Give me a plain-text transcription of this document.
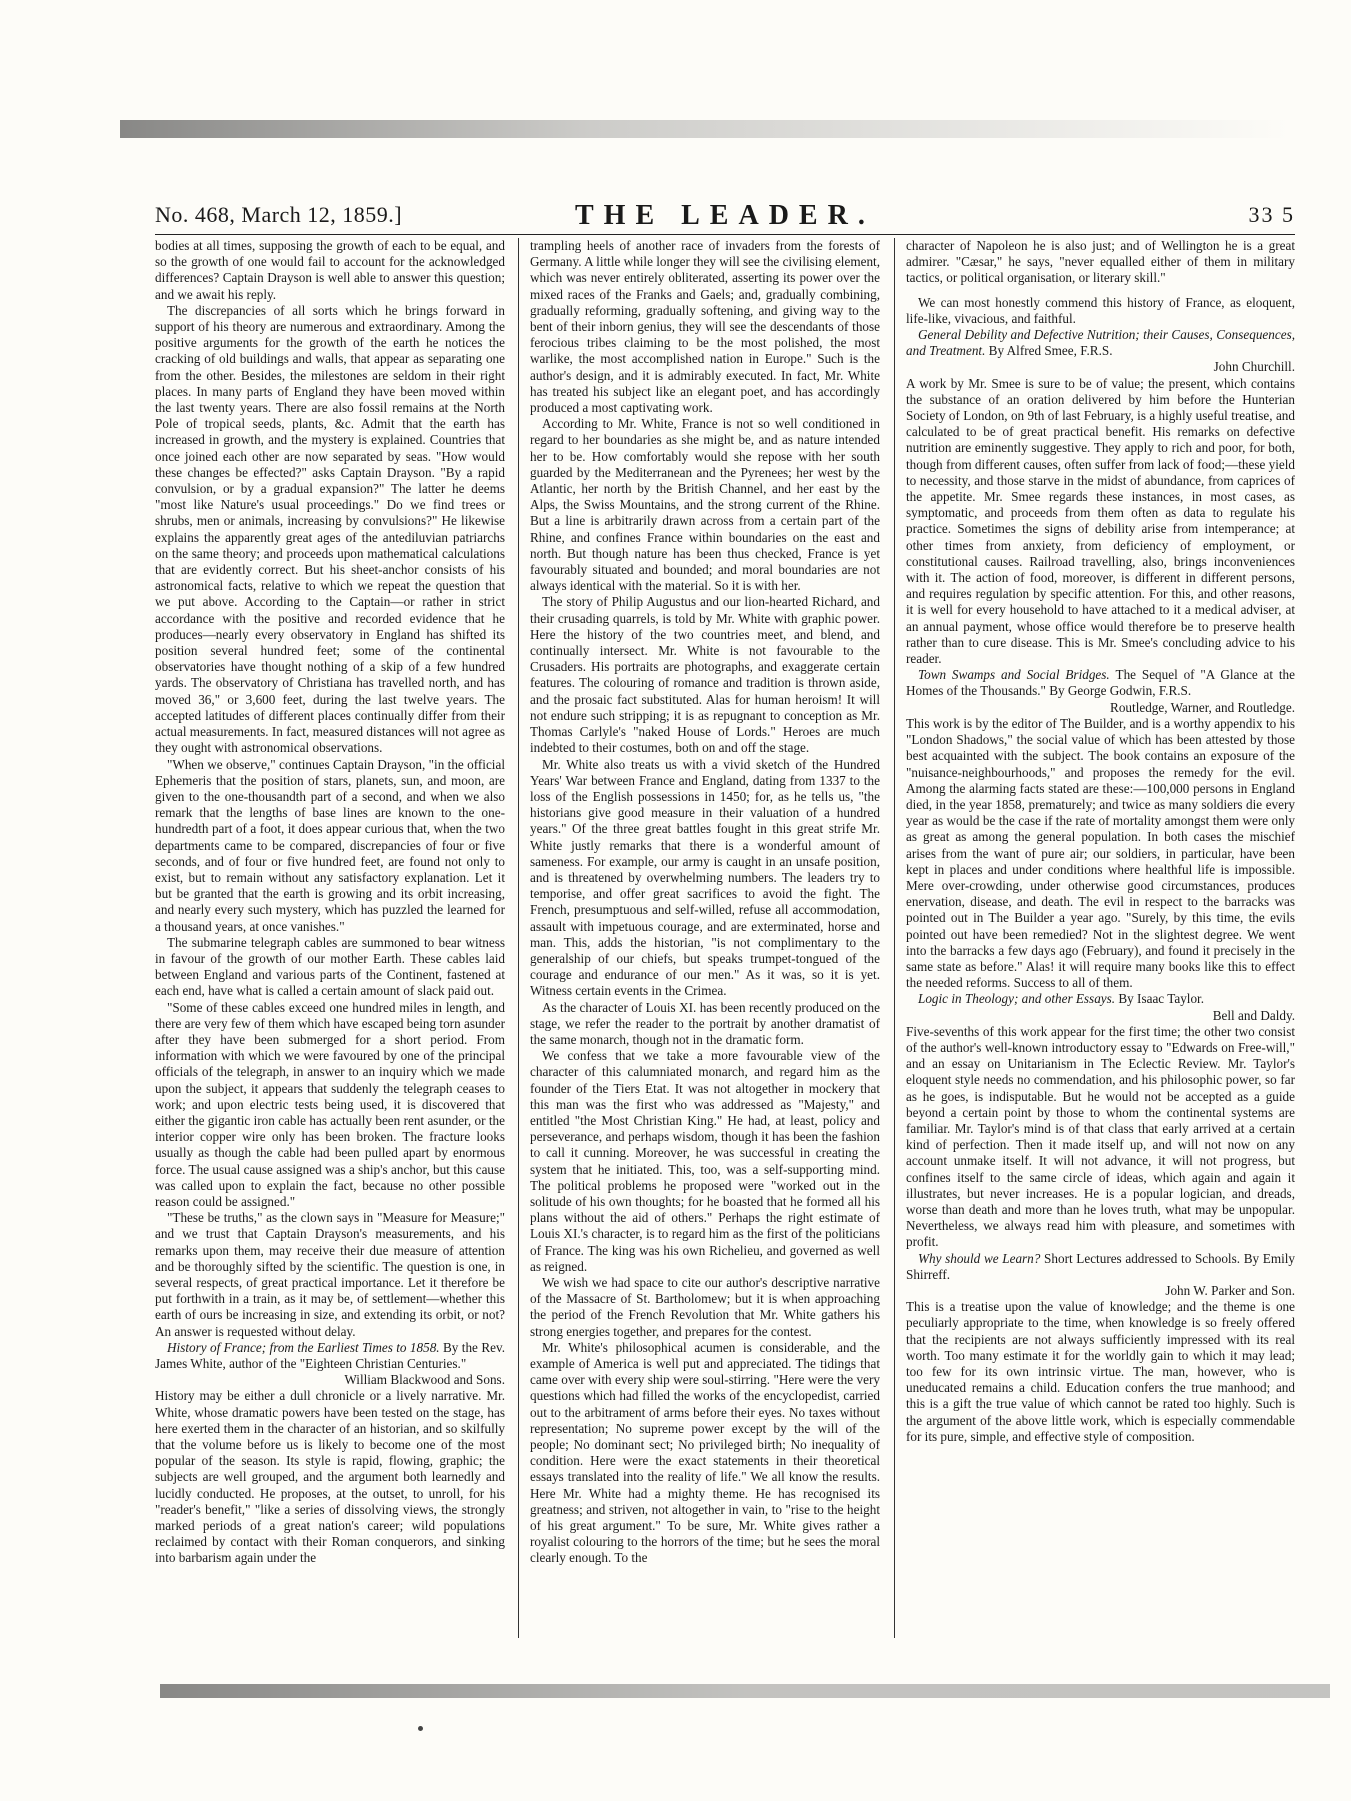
No. 468, March 12, 1859.]	THE LEADER.	33 5

bodies at all times, supposing the growth of each to be equal, and so the growth of one would fail to account for the acknowledged differences? Captain Drayson is well able to answer this question; and we await his reply.

The discrepancies of all sorts which he brings forward in support of his theory are numerous and extraordinary. Among the positive arguments for the growth of the earth he notices the cracking of old buildings and walls, that appear as separating one from the other. Besides, the milestones are seldom in their right places. In many parts of England they have been moved within the last twenty years. There are also fossil remains at the North Pole of tropical seeds, plants, &c. Admit that the earth has increased in growth, and the mystery is explained. Countries that once joined each other are now separated by seas. "How would these changes be effected?" asks Captain Drayson. "By a rapid convulsion, or by a gradual expansion?" The latter he deems "most like Nature's usual proceedings." Do we find trees or shrubs, men or animals, increasing by convulsions?" He likewise explains the apparently great ages of the antediluvian patriarchs on the same theory; and proceeds upon mathematical calculations that are evidently correct. But his sheet-anchor consists of his astronomical facts, relative to which we repeat the question that we put above. According to the Captain—or rather in strict accordance with the positive and recorded evidence that he produces—nearly every observatory in England has shifted its position several hundred feet; some of the continental observatories have thought nothing of a skip of a few hundred yards. The observatory of Christiana has travelled north, and has moved 36," or 3,600 feet, during the last twelve years. The accepted latitudes of different places continually differ from their actual measurements. In fact, measured distances will not agree as they ought with astronomical observations.

"When we observe," continues Captain Drayson, "in the official Ephemeris that the position of stars, planets, sun, and moon, are given to the one-thousandth part of a second, and when we also remark that the lengths of base lines are known to the one-hundredth part of a foot, it does appear curious that, when the two departments came to be compared, discrepancies of four or five seconds, and of four or five hundred feet, are found not only to exist, but to remain without any satisfactory explanation. Let it but be granted that the earth is growing and its orbit increasing, and nearly every such mystery, which has puzzled the learned for a thousand years, at once vanishes."

The submarine telegraph cables are summoned to bear witness in favour of the growth of our mother Earth. These cables laid between England and various parts of the Continent, fastened at each end, have what is called a certain amount of slack paid out.

"Some of these cables exceed one hundred miles in length, and there are very few of them which have escaped being torn asunder after they have been submerged for a short period. From information with which we were favoured by one of the principal officials of the telegraph, in answer to an inquiry which we made upon the subject, it appears that suddenly the telegraph ceases to work; and upon electric tests being used, it is discovered that either the gigantic iron cable has actually been rent asunder, or the interior copper wire only has been broken. The fracture looks usually as though the cable had been pulled apart by enormous force. The usual cause assigned was a ship's anchor, but this cause was called upon to explain the fact, because no other possible reason could be assigned."

"These be truths," as the clown says in "Measure for Measure;" and we trust that Captain Drayson's measurements, and his remarks upon them, may receive their due measure of attention and be thoroughly sifted by the scientific. The question is one, in several respects, of great practical importance. Let it therefore be put forthwith in a train, as it may be, of settlement—whether this earth of ours be increasing in size, and extending its orbit, or not? An answer is requested without delay.

History of France; from the Earliest Times to 1858. By the Rev. James White, author of the "Eighteen Christian Centuries."

William Blackwood and Sons.

History may be either a dull chronicle or a lively narrative. Mr. White, whose dramatic powers have been tested on the stage, has here exerted them in the character of an historian, and so skilfully that the volume before us is likely to become one of the most popular of the season. Its style is rapid, flowing, graphic; the subjects are well grouped, and the argument both learnedly and lucidly conducted. He proposes, at the outset, to unroll, for his "reader's benefit," "like a series of dissolving views, the strongly marked periods of a great nation's career; wild populations reclaimed by contact with their Roman conquerors, and sinking into barbarism again under the

trampling heels of another race of invaders from the forests of Germany. A little while longer they will see the civilising element, which was never entirely obliterated, asserting its power over the mixed races of the Franks and Gaels; and, gradually combining, gradually reforming, gradually softening, and giving way to the bent of their inborn genius, they will see the descendants of those ferocious tribes claiming to be the most polished, the most warlike, the most accomplished nation in Europe." Such is the author's design, and it is admirably executed. In fact, Mr. White has treated his subject like an elegant poet, and has accordingly produced a most captivating work.

According to Mr. White, France is not so well conditioned in regard to her boundaries as she might be, and as nature intended her to be. How comfortably would she repose with her south guarded by the Mediterranean and the Pyrenees; her west by the Atlantic, her north by the British Channel, and her east by the Alps, the Swiss Mountains, and the strong current of the Rhine. But a line is arbitrarily drawn across from a certain part of the Rhine, and confines France within boundaries on the east and north. But though nature has been thus checked, France is yet favourably situated and bounded; and moral boundaries are not always identical with the material. So it is with her.

The story of Philip Augustus and our lion-hearted Richard, and their crusading quarrels, is told by Mr. White with graphic power. Here the history of the two countries meet, and blend, and continually intersect. Mr. White is not favourable to the Crusaders. His portraits are photographs, and exaggerate certain features. The colouring of romance and tradition is thrown aside, and the prosaic fact substituted. Alas for human heroism! It will not endure such stripping; it is as repugnant to conception as Mr. Thomas Carlyle's "naked House of Lords." Heroes are much indebted to their costumes, both on and off the stage.

Mr. White also treats us with a vivid sketch of the Hundred Years' War between France and England, dating from 1337 to the loss of the English possessions in 1450; for, as he tells us, "the historians give good measure in their valuation of a hundred years." Of the three great battles fought in this great strife Mr. White justly remarks that there is a wonderful amount of sameness. For example, our army is caught in an unsafe position, and is threatened by overwhelming numbers. The leaders try to temporise, and offer great sacrifices to avoid the fight. The French, presumptuous and self-willed, refuse all accommodation, assault with impetuous courage, and are exterminated, horse and man. This, adds the historian, "is not complimentary to the generalship of our chiefs, but speaks trumpet-tongued of the courage and endurance of our men." As it was, so it is yet. Witness certain events in the Crimea.

As the character of Louis XI. has been recently produced on the stage, we refer the reader to the portrait by another dramatist of the same monarch, though not in the dramatic form.

We confess that we take a more favourable view of the character of this calumniated monarch, and regard him as the founder of the Tiers Etat. It was not altogether in mockery that this man was the first who was addressed as "Majesty," and entitled "the Most Christian King." He had, at least, policy and perseverance, and perhaps wisdom, though it has been the fashion to call it cunning. Moreover, he was successful in creating the system that he initiated. This, too, was a self-supporting mind. The political problems he proposed were "worked out in the solitude of his own thoughts; for he boasted that he formed all his plans without the aid of others." Perhaps the right estimate of Louis XI.'s character, is to regard him as the first of the politicians of France. The king was his own Richelieu, and governed as well as reigned.

We wish we had space to cite our author's descriptive narrative of the Massacre of St. Bartholomew; but it is when approaching the period of the French Revolution that Mr. White gathers his strong energies together, and prepares for the contest.

Mr. White's philosophical acumen is considerable, and the example of America is well put and appreciated. The tidings that came over with every ship were soul-stirring. "Here were the very questions which had filled the works of the encyclopedist, carried out to the arbitrament of arms before their eyes. No taxes without representation; No supreme power except by the will of the people; No dominant sect; No privileged birth; No inequality of condition. Here were the exact statements in their theoretical essays translated into the reality of life." We all know the results. Here Mr. White had a mighty theme. He has recognised its greatness; and striven, not altogether in vain, to "rise to the height of his great argument." To be sure, Mr. White gives rather a royalist colouring to the horrors of the time; but he sees the moral clearly enough. To the

character of Napoleon he is also just; and of Wellington he is a great admirer. "Cæsar," he says, "never equalled either of them in military tactics, or political organisation, or literary skill."

We can most honestly commend this history of France, as eloquent, life-like, vivacious, and faithful.

General Debility and Defective Nutrition; their Causes, Consequences, and Treatment. By Alfred Smee, F.R.S.

John Churchill.

A work by Mr. Smee is sure to be of value; the present, which contains the substance of an oration delivered by him before the Hunterian Society of London, on 9th of last February, is a highly useful treatise, and calculated to be of great practical benefit. His remarks on defective nutrition are eminently suggestive. They apply to rich and poor, for both, though from different causes, often suffer from lack of food;—these yield to necessity, and those starve in the midst of abundance, from caprices of the appetite. Mr. Smee regards these instances, in most cases, as symptomatic, and proceeds from them often as data to regulate his practice. Sometimes the signs of debility arise from intemperance; at other times from anxiety, from deficiency of employment, or constitutional causes. Railroad travelling, also, brings inconveniences with it. The action of food, moreover, is different in different persons, and requires regulation by specific attention. For this, and other reasons, it is well for every household to have attached to it a medical adviser, at an annual payment, whose office would therefore be to preserve health rather than to cure disease. This is Mr. Smee's concluding advice to his reader.

Town Swamps and Social Bridges. The Sequel of "A Glance at the Homes of the Thousands." By George Godwin, F.R.S.

Routledge, Warner, and Routledge.

This work is by the editor of The Builder, and is a worthy appendix to his "London Shadows," the social value of which has been attested by those best acquainted with the subject. The book contains an exposure of the "nuisance-neighbourhoods," and proposes the remedy for the evil. Among the alarming facts stated are these:—100,000 persons in England died, in the year 1858, prematurely; and twice as many soldiers die every year as would be the case if the rate of mortality amongst them were only as great as among the general population. In both cases the mischief arises from the want of pure air; our soldiers, in particular, have been kept in places and under conditions where healthful life is impossible. Mere over-crowding, under otherwise good circumstances, produces enervation, disease, and death. The evil in respect to the barracks was pointed out in The Builder a year ago. "Surely, by this time, the evils pointed out have been remedied? Not in the slightest degree. We went into the barracks a few days ago (February), and found it precisely in the same state as before." Alas! it will require many books like this to effect the needed reforms. Success to all of them.

Logic in Theology; and other Essays. By Isaac Taylor.

Bell and Daldy.

Five-sevenths of this work appear for the first time; the other two consist of the author's well-known introductory essay to "Edwards on Free-will," and an essay on Unitarianism in The Eclectic Review. Mr. Taylor's eloquent style needs no commendation, and his philosophic power, so far as he goes, is indisputable. But he would not be accepted as a guide beyond a certain point by those to whom the continental systems are familiar. Mr. Taylor's mind is of that class that early arrived at a certain kind of perfection. Then it made itself up, and will not now on any account unmake itself. It will not advance, it will not progress, but confines itself to the same circle of ideas, which again and again it illustrates, but never increases. He is a popular logician, and dreads, worse than death and more than he loves truth, what may be unpopular. Nevertheless, we always read him with pleasure, and sometimes with profit.

Why should we Learn? Short Lectures addressed to Schools. By Emily Shirreff.

John W. Parker and Son.

This is a treatise upon the value of knowledge; and the theme is one peculiarly appropriate to the time, when knowledge is so freely offered that the recipients are not always sufficiently impressed with its real worth. Too many estimate it for the worldly gain to which it may lead; too few for its own intrinsic virtue. The man, however, who is uneducated remains a child. Education confers the true manhood; and this is a gift the true value of which cannot be rated too highly. Such is the argument of the above little work, which is especially commendable for its pure, simple, and effective style of composition.
